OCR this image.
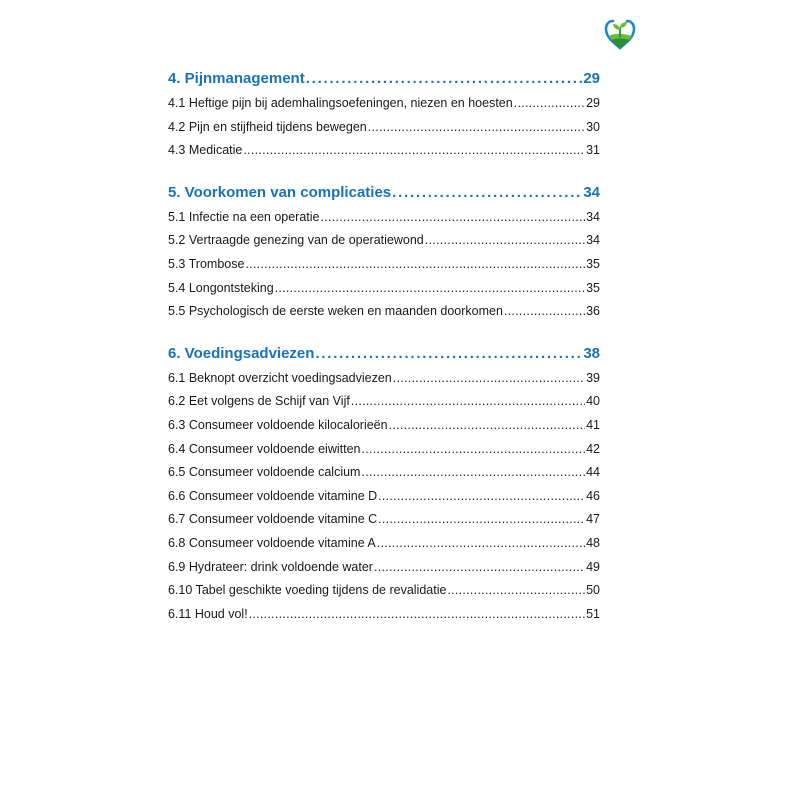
4. Pijnmanagement . . .	29
4.1 Heftige pijn bij ademhalingsoefeningen, niezen en hoesten . . .	29
4.2 Pijn en stijfheid tijdens bewegen . . .	30
4.3 Medicatie . . .	31
5. Voorkomen van complicaties . . .	34
5.1 Infectie na een operatie . . .	34
5.2 Vertraagde genezing van de operatiewond . . .	34
5.3 Trombose . . .	35
5.4 Longontsteking . . .	35
5.5 Psychologisch de eerste weken en maanden doorkomen . . .	36
6. Voedingsadviezen . . .	38
6.1 Beknopt overzicht voedingsadviezen . . .	39
6.2 Eet volgens de Schijf van Vijf . . .	40
6.3 Consumeer voldoende kilocalorieën . . .	41
6.4 Consumeer voldoende eiwitten . . .	42
6.5 Consumeer voldoende calcium . . .	44
6.6 Consumeer voldoende vitamine D . . .	46
6.7 Consumeer voldoende vitamine C . . .	47
6.8 Consumeer voldoende vitamine A . . .	48
6.9 Hydrateer: drink voldoende water . . .	49
6.10 Tabel geschikte voeding tijdens de revalidatie . . .	50
6.11 Houd vol! . . .	51
